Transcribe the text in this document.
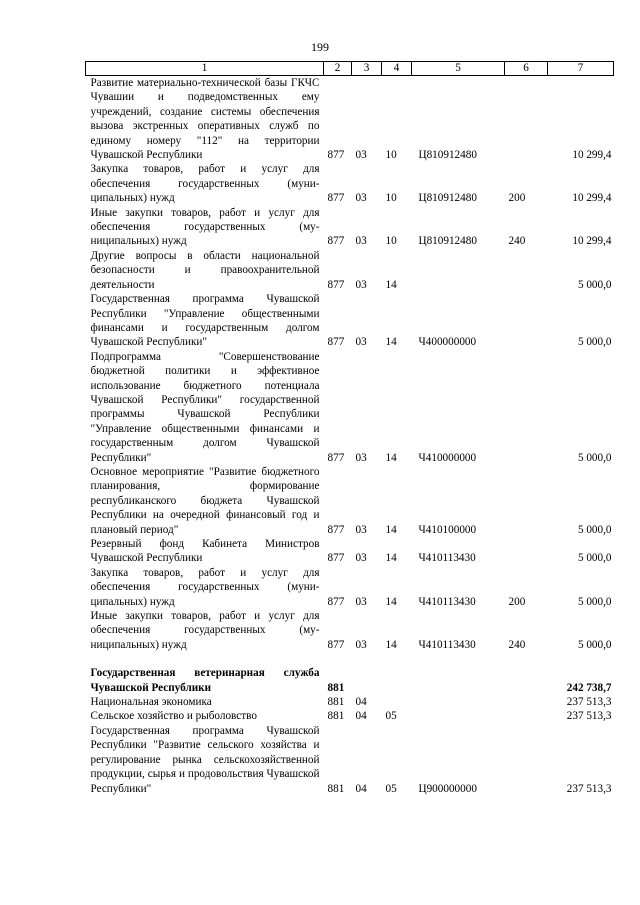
199
1	2	3	4	5	6	7
Развитие материально-технической базы ГКЧС Чувашии и подведомственных ему учреждений, создание системы обеспечения вызова экстренных оперативных служб по единому номеру "112" на территории Чувашской Республики	877	03	10	Ц810912480		10 299,4
Закупка товаров, работ и услуг для обеспечения государственных (муниципальных) нужд	877	03	10	Ц810912480	200	10 299,4
Иные закупки товаров, работ и услуг для обеспечения государственных (муниципальных) нужд	877	03	10	Ц810912480	240	10 299,4
Другие вопросы в области национальной безопасности и правоохранительной деятельности	877	03	14			5 000,0
Государственная программа Чувашской Республики "Управление общественными финансами и государственным долгом Чувашской Республики"	877	03	14	Ч400000000		5 000,0
Подпрограмма "Совершенствование бюджетной политики и эффективное использование бюджетного потенциала Чувашской Республики" государственной программы Чувашской Республики "Управление общественными финансами и государственным долгом Чувашской Республики"	877	03	14	Ч410000000		5 000,0
Основное мероприятие "Развитие бюджетного планирования, формирование республиканского бюджета Чувашской Республики на очередной финансовый год и плановый период"	877	03	14	Ч410100000		5 000,0
Резервный фонд Кабинета Министров Чувашской Республики	877	03	14	Ч410113430		5 000,0
Закупка товаров, работ и услуг для обеспечения государственных (муниципальных) нужд	877	03	14	Ч410113430	200	5 000,0
Иные закупки товаров, работ и услуг для обеспечения государственных (муниципальных) нужд	877	03	14	Ч410113430	240	5 000,0

Государственная ветеринарная служба Чувашской Республики	881					242 738,7
Национальная экономика	881	04				237 513,3
Сельское хозяйство и рыболовство	881	04	05			237 513,3
Государственная программа Чувашской Республики "Развитие сельского хозяйства и регулирование рынка сельскохозяйственной продукции, сырья и продовольствия Чувашской Республики"	881	04	05	Ц900000000		237 513,3
